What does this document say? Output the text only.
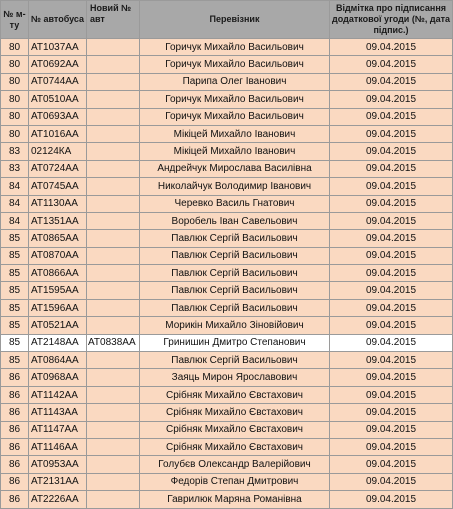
№ м-ту	№ автобуса	Новий № авт	Перевізник	Відмітка про підписання додаткової угоди (№, дата підпис.)
80	AT1037AA		Горичук Михайло Васильович	09.04.2015
80	AT0692AA		Горичук Михайло Васильович	09.04.2015
80	AT0744AA		Парипа Олег Іванович	09.04.2015
80	AT0510AA		Горичук Михайло Васильович	09.04.2015
80	AT0693AA		Горичук Михайло Васильович	09.04.2015
80	AT1016AA		Мікіцей Михайло Іванович	09.04.2015
83	02124КА		Мікіцей Михайло Іванович	09.04.2015
83	AT0724AA		Андрейчук Мирослава Василівна	09.04.2015
84	AT0745AA		Николайчук Володимир Іванович	09.04.2015
84	AT1130AA		Черевко Василь Гнатович	09.04.2015
84	AT1351AA		Воробель Іван Савельович	09.04.2015
85	AT0865AA		Павлюк Сергій Васильович	09.04.2015
85	AT0870AA		Павлюк Сергій Васильович	09.04.2015
85	AT0866AA		Павлюк Сергій Васильович	09.04.2015
85	AT1595AA		Павлюк Сергій Васильович	09.04.2015
85	AT1596AA		Павлюк Сергій Васильович	09.04.2015
85	AT0521AA		Морикін Михайло Зіновійович	09.04.2015
85	AT2148AA	AT0838AA	Гринишин Дмитро Степанович	09.04.2015
85	AT0864AA		Павлюк Сергій Васильович	09.04.2015
86	AT0968AA		Заяць Мирон Ярославович	09.04.2015
86	AT1142AA		Срібняк Михайло Євстахович	09.04.2015
86	AT1143AA		Срібняк Михайло Євстахович	09.04.2015
86	AT1147AA		Срібняк Михайло Євстахович	09.04.2015
86	AT1146AA		Срібняк Михайло Євстахович	09.04.2015
86	AT0953AA		Голубєв Олександр Валерійович	09.04.2015
86	AT2131AA		Федорів Степан Дмитрович	09.04.2015
86	AT2226AA		Гаврилюк Марянa Романівна	09.04.2015
